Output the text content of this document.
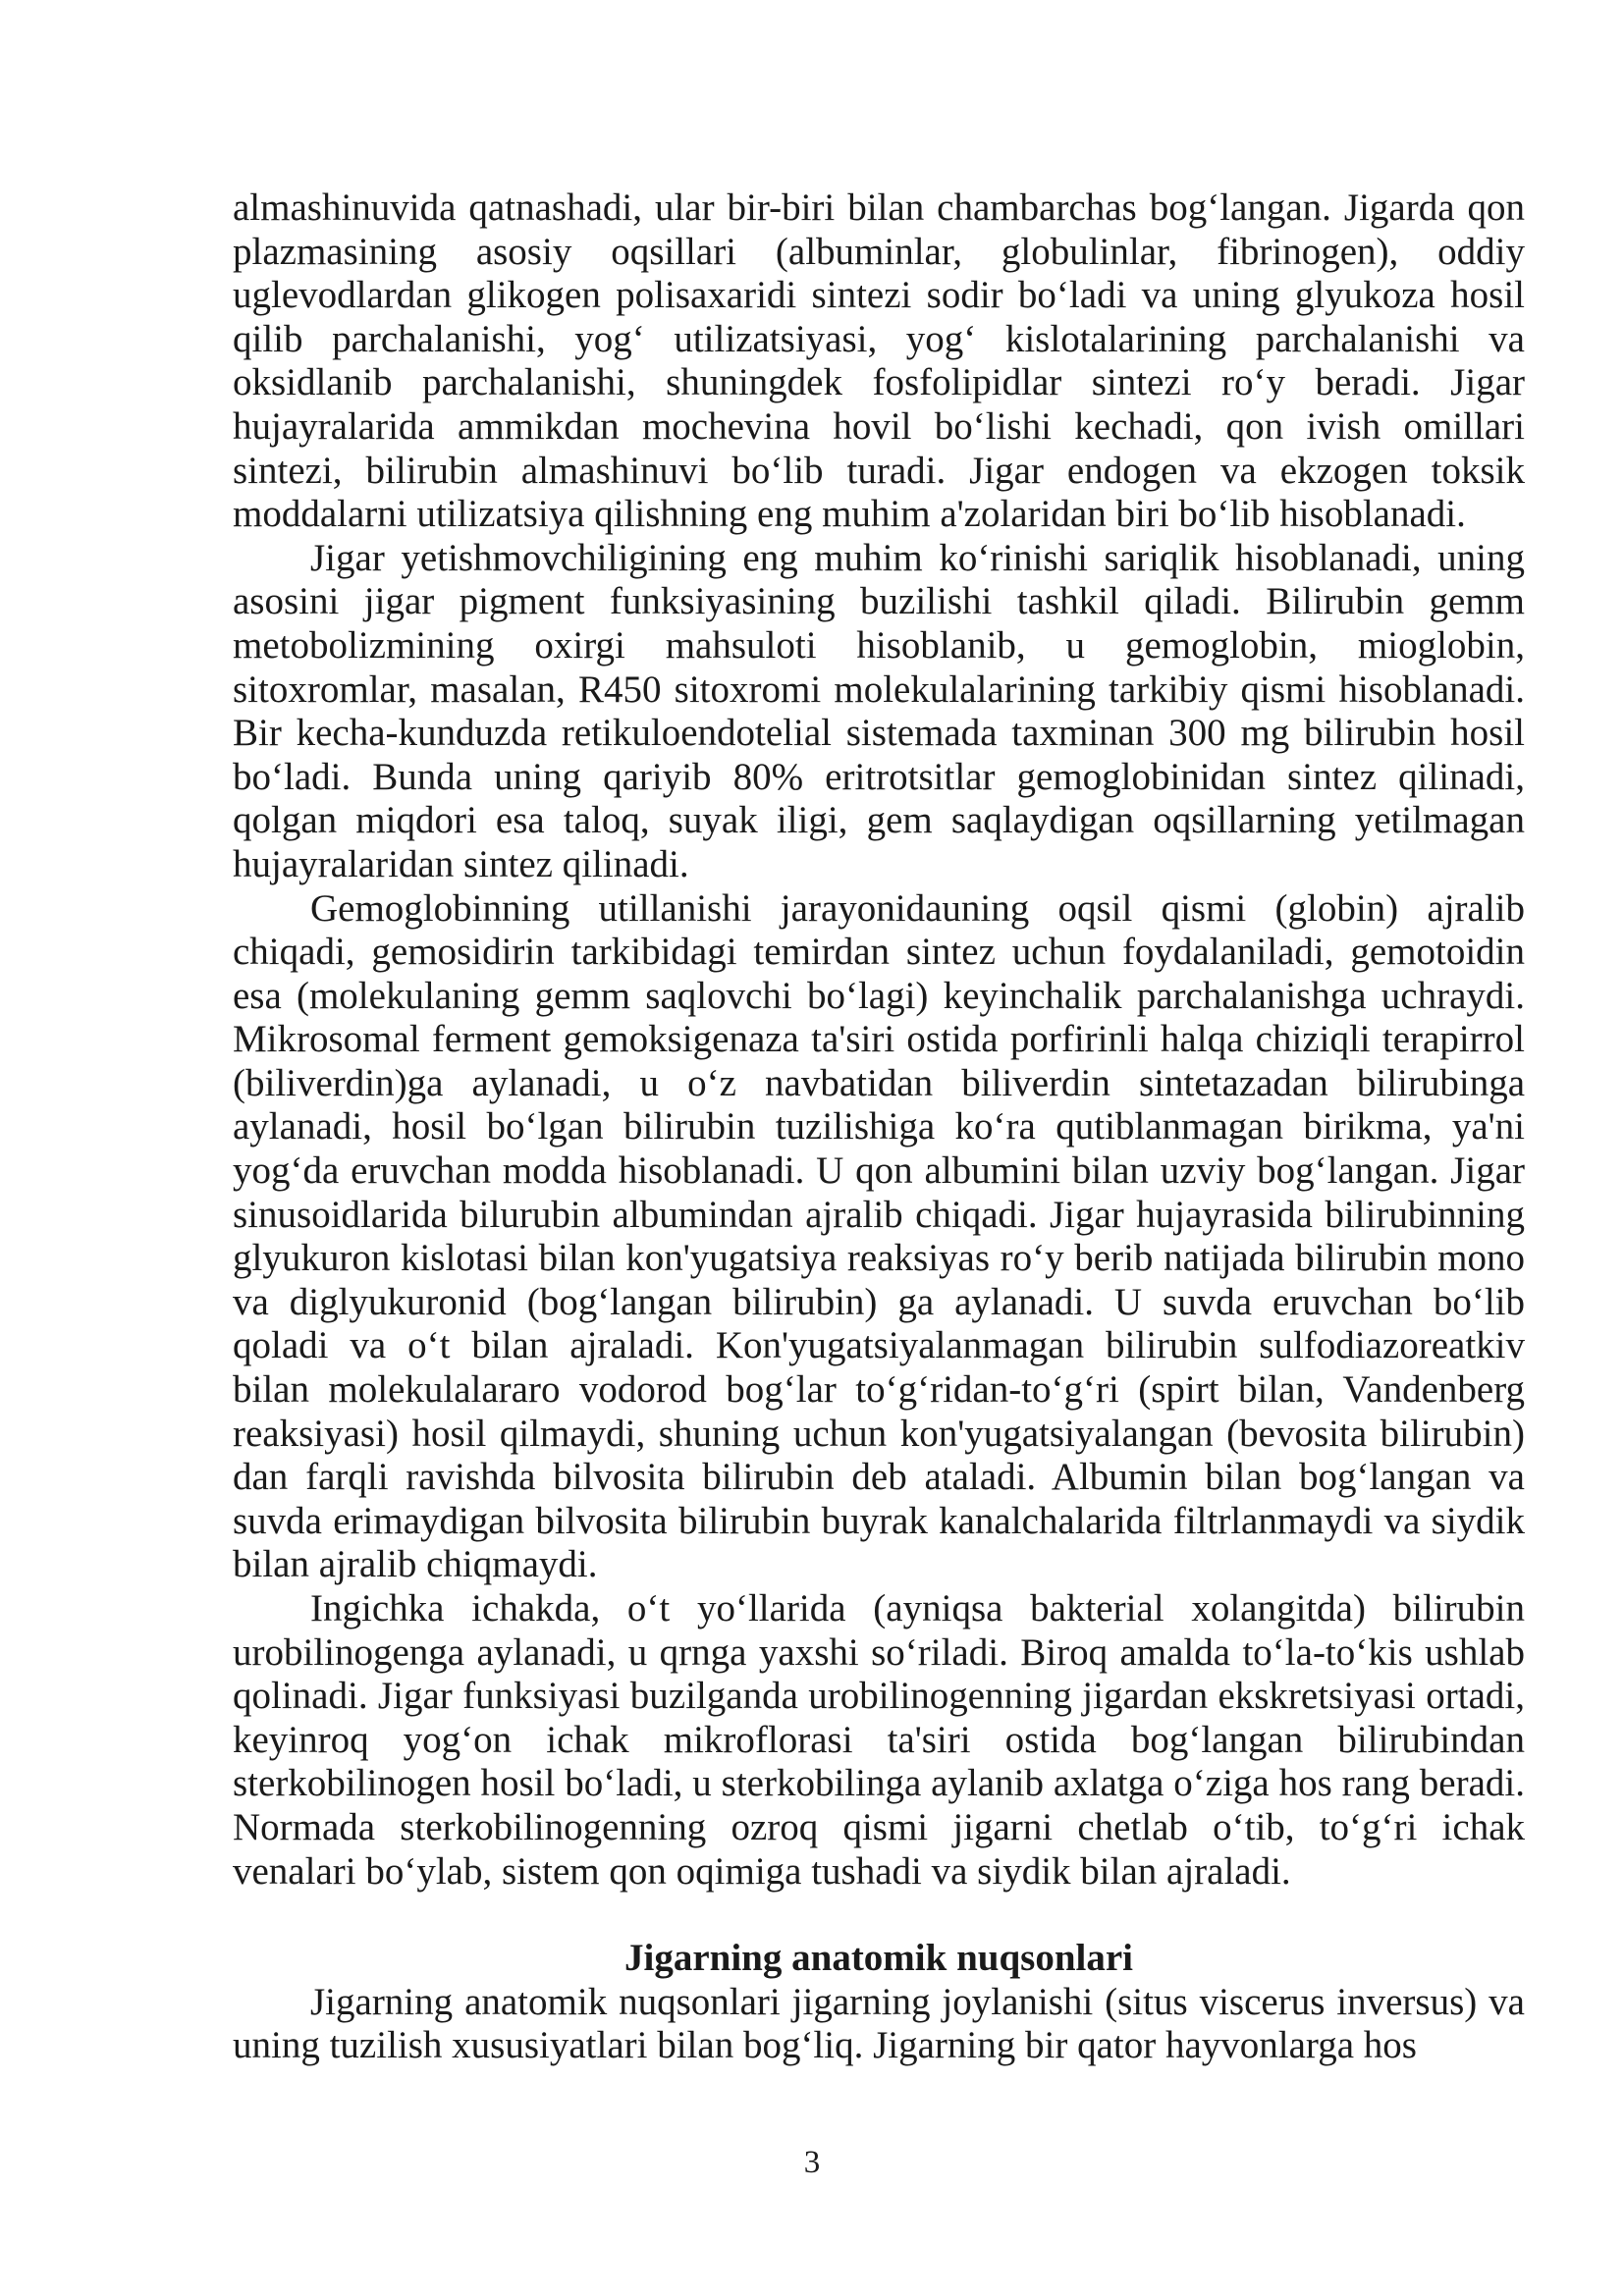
almashinuvida qatnashadi, ular bir-biri bilan chambarchas bog‘langan. Jigarda qon plazmasining asosiy oqsillari (albuminlar, globulinlar, fibrinogen), oddiy uglevodlardan glikogen polisaxaridi sintezi sodir bo‘ladi va uning glyukoza hosil qilib parchalanishi, yog‘ utilizatsiyasi, yog‘ kislotalarining parchalanishi va oksidlanib parchalanishi, shuningdek fosfolipidlar sintezi ro‘y beradi. Jigar hujayralarida ammikdan mochevina hovil bo‘lishi kechadi, qon ivish omillari sintezi, bilirubin almashinuvi bo‘lib turadi. Jigar endogen va ekzogen toksik moddalarni utilizatsiya qilishning eng muhim a'zolaridan biri bo‘lib hisoblanadi.

Jigar yetishmovchiligining eng muhim ko‘rinishi sariqlik hisoblanadi, uning asosini jigar pigment funksiyasining buzilishi tashkil qiladi. Bilirubin gemm metobolizmining oxirgi mahsuloti hisoblanib, u gemoglobin, mioglobin, sitoxromlar, masalan, R450 sitoxromi molekulalarining tarkibiy qismi hisoblanadi. Bir kecha-kunduzda retikuloendotelial sistemada taxminan 300 mg bilirubin hosil bo‘ladi. Bunda uning qariyib 80% eritrotsitlar gemoglobinidan sintez qilinadi, qolgan miqdori esa taloq, suyak iligi, gem saqlaydigan oqsillarning yetilmagan hujayralaridan sintez qilinadi.

Gemoglobinning utillanishi jarayonidauning oqsil qismi (globin) ajralib chiqadi, gemosidirin tarkibidagi temirdan sintez uchun foydalaniladi, gemotoidin esa (molekulaning gemm saqlovchi bo‘lagi) keyinchalik parchalanishga uchraydi. Mikrosomal ferment gemoksigenaza ta'siri ostida porfirinli halqa chiziqli terapirrol (biliverdin)ga aylanadi, u o‘z navbatidan biliverdin sintetazadan bilirubinga aylanadi, hosil bo‘lgan bilirubin tuzilishiga ko‘ra qutiblanmagan birikma, ya'ni yog‘da eruvchan modda hisoblanadi. U qon albumini bilan uzviy bog‘langan. Jigar sinusoidlarida bilurubin albumindan ajralib chiqadi. Jigar hujayrasida bilirubinning glyukuron kislotasi bilan kon'yugatsiya reaksiyas ro‘y berib natijada bilirubin mono va diglyukuronid (bog‘langan bilirubin) ga aylanadi. U suvda eruvchan bo‘lib qoladi va o‘t bilan ajraladi. Kon'yugatsiyalanmagan bilirubin sulfodiazoreatkiv bilan molekulalararo vodorod bog‘lar to‘g‘ridan-to‘g‘ri (spirt bilan, Vandenberg reaksiyasi) hosil qilmaydi, shuning uchun kon'yugatsiyalangan (bevosita bilirubin) dan farqli ravishda bilvosita bilirubin deb ataladi. Albumin bilan bog‘langan va suvda erimaydigan bilvosita bilirubin buyrak kanalchalarida filtrlanmaydi va siydik bilan ajralib chiqmaydi.

Ingichka ichakda, o‘t yo‘llarida (ayniqsa bakterial xolangitda) bilirubin urobilinogenga aylanadi, u qrnga yaxshi so‘riladi. Biroq amalda to‘la-to‘kis ushlab qolinadi. Jigar funksiyasi buzilganda urobilinogenning jigardan ekskretsiyasi ortadi, keyinroq yog‘on ichak mikroflorasi ta'siri ostida bog‘langan bilirubindan sterkobilinogen hosil bo‘ladi, u sterkobilinga aylanib axlatga o‘ziga hos rang beradi. Normada sterkobilinogenning ozroq qismi jigarni chetlab o‘tib, to‘g‘ri ichak venalari bo‘ylab, sistem qon oqimiga tushadi va siydik bilan ajraladi.

Jigarning anatomik nuqsonlari

Jigarning anatomik nuqsonlari jigarning joylanishi (situs viscerus inversus) va uning tuzilish xususiyatlari bilan bog‘liq. Jigarning bir qator hayvonlarga hos

3
